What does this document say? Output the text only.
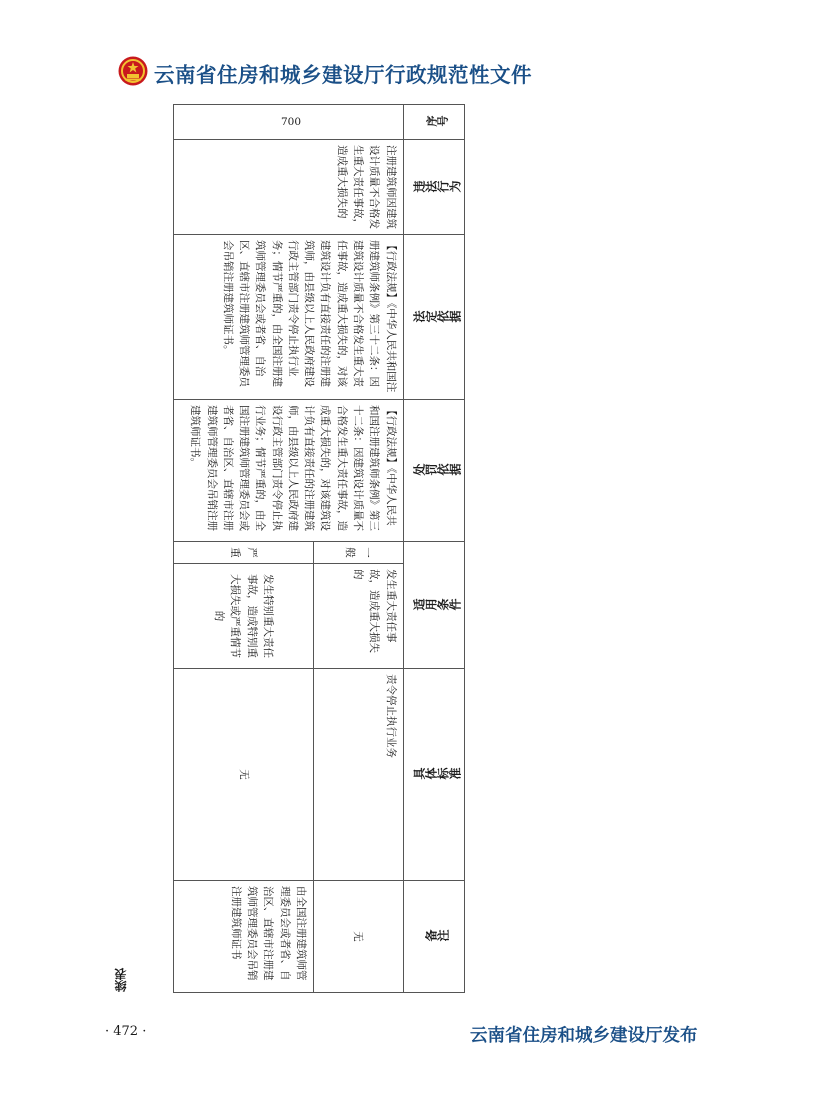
云南省住房和城乡建设厅行政规范性文件
序号	违法行为	法定依据	处罚依据	适用条件		具体标准	备注
700	注册建筑师因建筑设计质量不合格发生重大责任事故，造成重大损失的	【行政法规】《中华人民共和国注册建筑师条例》第三十二条：因建筑设计质量不合格发生重大责任事故，造成重大损失的，对该建筑设计负有直接责任的注册建筑师，由县级以上人民政府建设行政主管部门责令停止执行业务；情节严重的，由全国注册建筑师管理委员会或者省、自治区、直辖市注册建筑师管理委员会吊销注册建筑师证书。	【行政法规】《中华人民共和国注册建筑师条例》第三十二条：因建筑设计质量不合格发生重大责任事故，造成重大损失的，对该建筑设计负有直接责任的注册建筑师，由县级以上人民政府建设行政主管部门责令停止执行业务；情节严重的，由全国注册建筑师管理委员会或者省、自治区、直辖市注册建筑师管理委员会吊销注册建筑师证书。	一般	发生重大责任事故，造成重大损失的	责令停止执行业务	无
				严重	发生特别重大责任事故，造成特别重大损失或严重情节的	无	由全国注册建筑师管理委员会或者省、自治区、直辖市注册建筑师管理委员会吊销注册建筑师证书
续表
· 472 ·	云南省住房和城乡建设厅发布
